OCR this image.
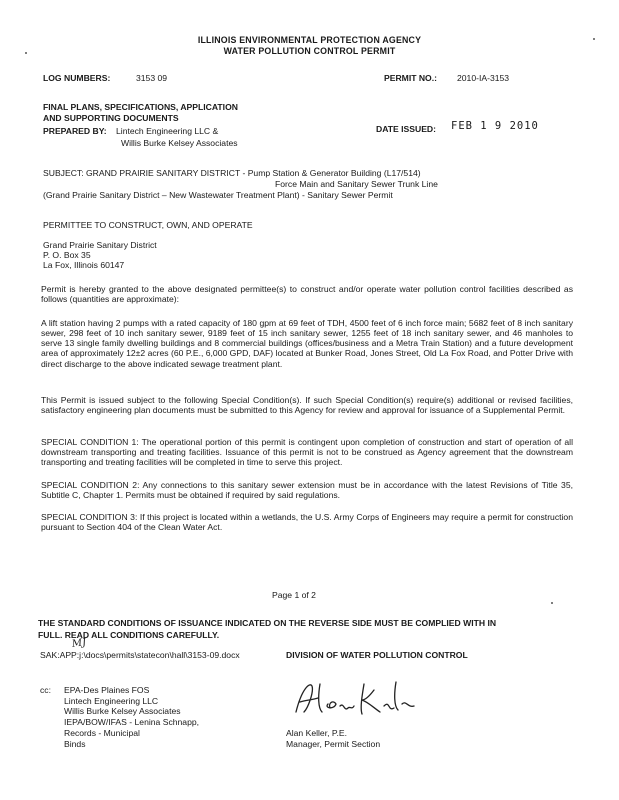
ILLINOIS ENVIRONMENTAL PROTECTION AGENCY
WATER POLLUTION CONTROL PERMIT
LOG NUMBERS:	3153 09	PERMIT NO.: 2010-IA-3153
FINAL PLANS, SPECIFICATIONS, APPLICATION
AND SUPPORTING DOCUMENTS
PREPARED BY: Lintech Engineering LLC &
Willis Burke Kelsey Associates
DATE ISSUED: FEB 1 9 2010
SUBJECT: GRAND PRAIRIE SANITARY DISTRICT - Pump Station & Generator Building (L17/514)
Force Main and Sanitary Sewer Trunk Line
(Grand Prairie Sanitary District – New Wastewater Treatment Plant) - Sanitary Sewer Permit
PERMITTEE TO CONSTRUCT, OWN, AND OPERATE
Grand Prairie Sanitary District
P. O. Box 35
La Fox, Illinois 60147

Permit is hereby granted to the above designated permittee(s) to construct and/or operate water pollution control facilities described as follows (quantities are approximate):

A lift station having 2 pumps with a rated capacity of 180 gpm at 69 feet of TDH, 4500 feet of 6 inch force main; 5682 feet of 8 inch sanitary sewer, 298 feet of 10 inch sanitary sewer, 9189 feet of 15 inch sanitary sewer, 1255 feet of 18 inch sanitary sewer, and 46 manholes to serve 13 single family dwelling buildings and 8 commercial buildings (offices/business and a Metra Train Station) and a future development area of approximately 12±2 acres (60 P.E., 6,000 GPD, DAF) located at Bunker Road, Jones Street, Old La Fox Road, and Potter Drive with direct discharge to the above indicated sewage treatment plant.

This Permit is issued subject to the following Special Condition(s). If such Special Condition(s) require(s) additional or revised facilities, satisfactory engineering plan documents must be submitted to this Agency for review and approval for issuance of a Supplemental Permit.

SPECIAL CONDITION 1: The operational portion of this permit is contingent upon completion of construction and start of operation of all downstream transporting and treating facilities. Issuance of this permit is not to be construed as Agency agreement that the downstream transporting and treating facilities will be completed in time to serve this project.

SPECIAL CONDITION 2: Any connections to this sanitary sewer extension must be in accordance with the latest Revisions of Title 35, Subtitle C, Chapter 1. Permits must be obtained if required by said regulations.

SPECIAL CONDITION 3: If this project is located within a wetlands, the U.S. Army Corps of Engineers may require a permit for construction pursuant to Section 404 of the Clean Water Act.

Page 1 of 2
THE STANDARD CONDITIONS OF ISSUANCE INDICATED ON THE REVERSE SIDE MUST BE COMPLIED WITH IN
FULL. READ ALL CONDITIONS CAREFULLY.
MJ
SAK:APP:j:\docs\permits\statecon\hall\3153-09.docx	DIVISION OF WATER POLLUTION CONTROL
cc: EPA-Des Plaines FOS
Lintech Engineering LLC
Willis Burke Kelsey Associates
IEPA/BOW/IFAS - Lenina Schnapp,
Records - Municipal
Binds
Alan Keller, P.E.
Manager, Permit Section
